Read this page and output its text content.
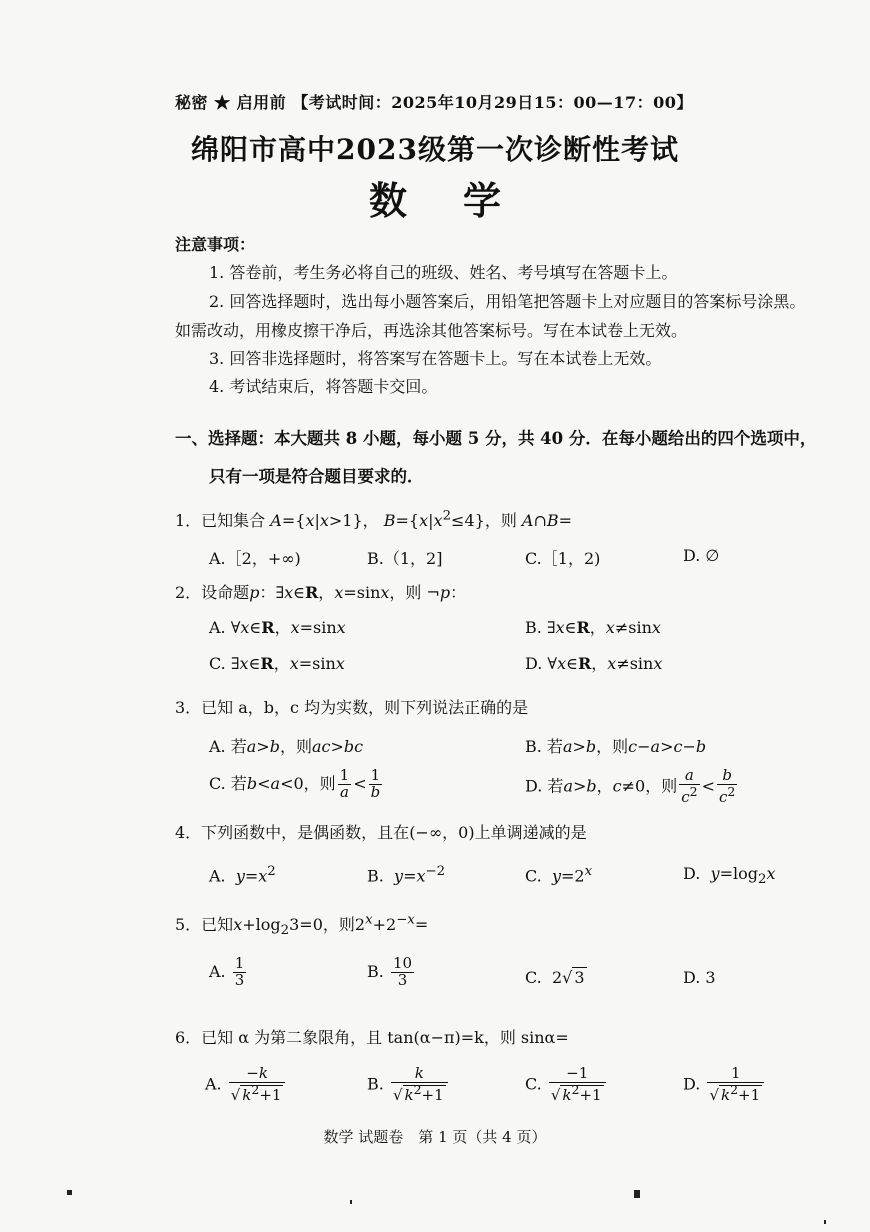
秘密 ★ 启用前 【考试时间：2025年10月29日15：00—17：00】
绵阳市高中2023级第一次诊断性考试
数学
注意事项：
1. 答卷前，考生务必将自己的班级、姓名、考号填写在答题卡上。
2. 回答选择题时，选出每小题答案后，用铅笔把答题卡上对应题目的答案标号涂黑。
如需改动，用橡皮擦干净后，再选涂其他答案标号。写在本试卷上无效。
3. 回答非选择题时，将答案写在答题卡上。写在本试卷上无效。
4. 考试结束后，将答题卡交回。
一、选择题：本大题共 8 小题，每小题 5 分，共 40 分．在每小题给出的四个选项中，
只有一项是符合题目要求的．
1．已知集合 A={x|x>1}， $B=\{x|x^2\le 4\}$，则 A∩B=
A.［2，+∞)	B.（1，2]	C.［1，2)	D. ∅
2．设命题p：∃x∈R，x=sinx，则 ¬p：
A. ∀x∈R，x=sinx	B. ∃x∈R，x≠sinx
C. ∃x∈R，x=sinx	D. ∀x∈R，x≠sinx
3．已知 a，b，c 均为实数，则下列说法正确的是
A. 若a>b，则ac>bc	B. 若a>b，则c−a>c−b
C. 若b<a<0，则 $\frac{1}{a} < \frac{1}{b}$	D. 若a>b，c≠0，则 $\frac{a}{c^2} < \frac{b}{c^2}$
4．下列函数中，是偶函数，且在(−∞，0)上单调递减的是
A. $y=x^2$	B. $y=x^{-2}$	C. $y=2^x$	D. $y=\log_2x$
5．已知$x+\log_23=0$，则$2^x+2^{-x}=$
A. $\frac{1}{3}$	B. $\frac{10}{3}$	C.  2√ 3	D. 3
6．已知 α 为第二象限角，且 tan(α−π)=k，则 sinα=
A. $\frac{-k}{√ k^2+1}$	B. $\frac{k}{√ k^2+1}$	C. $\frac{-1}{√ k^2+1}$	D. $\frac{1}{√ k^2+1}$
数学 试题卷　第 1 页（共 4 页）
